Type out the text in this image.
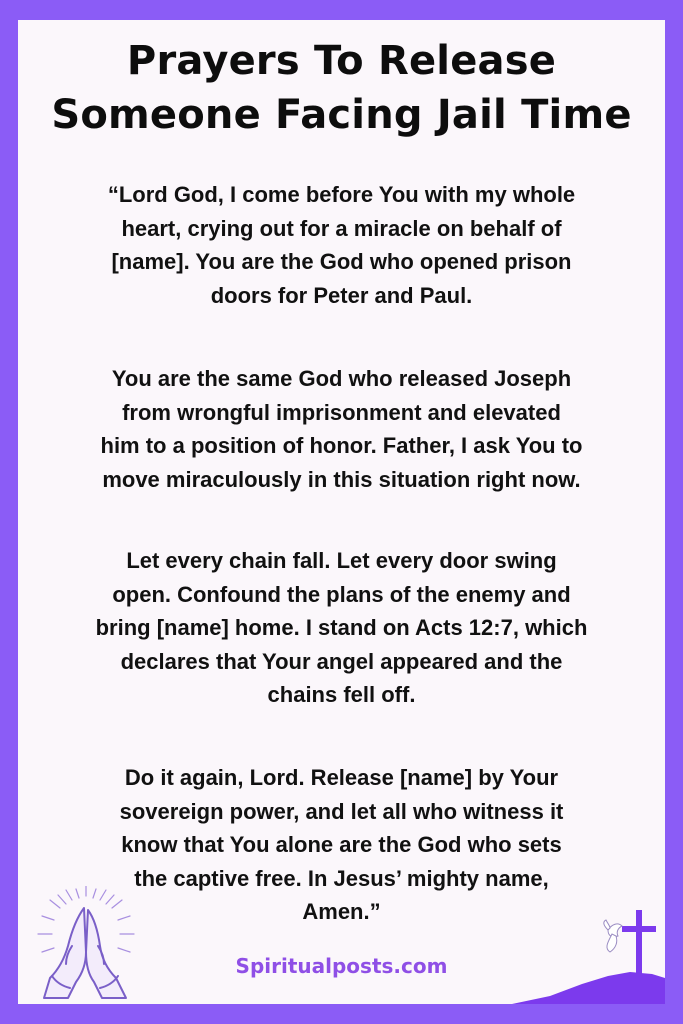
Prayers To Release
Someone Facing Jail Time
“Lord God, I come before You with my whole
heart, crying out for a miracle on behalf of
[name]. You are the God who opened prison
doors for Peter and Paul.
You are the same God who released Joseph
from wrongful imprisonment and elevated
him to a position of honor. Father, I ask You to
move miraculously in this situation right now.
Let every chain fall. Let every door swing
open. Confound the plans of the enemy and
bring [name] home. I stand on Acts 12:7, which
declares that Your angel appeared and the
chains fell off.
Do it again, Lord. Release [name] by Your
sovereign power, and let all who witness it
know that You alone are the God who sets
the captive free. In Jesus’ mighty name,
Amen.”
Spiritualposts.com
